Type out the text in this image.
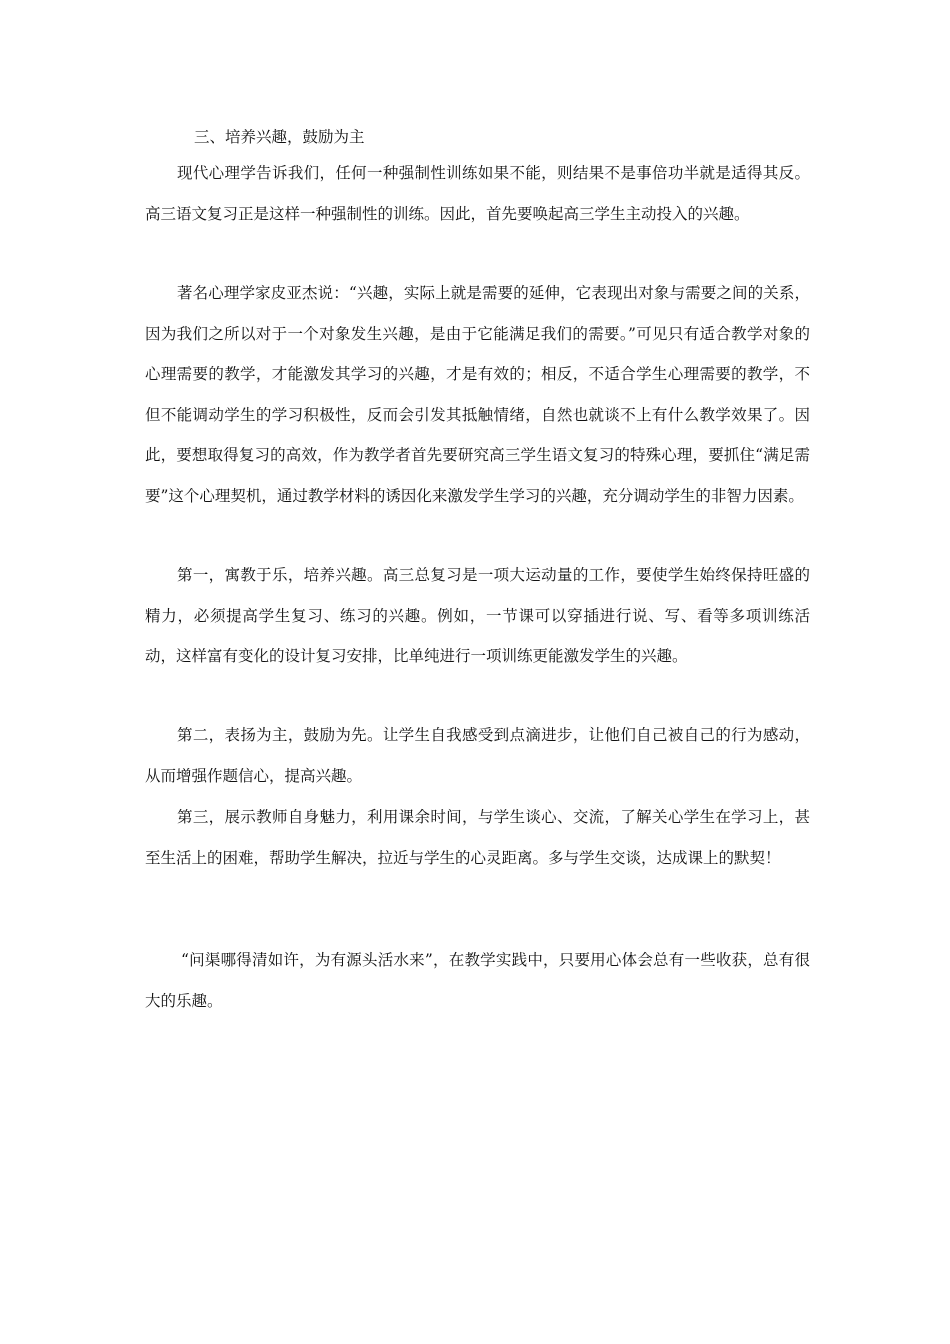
三、培养兴趣，鼓励为主

现代心理学告诉我们，任何一种强制性训练如果不能，则结果不是事倍功半就是适得其反。高三语文复习正是这样一种强制性的训练。因此，首先要唤起高三学生主动投入的兴趣。

著名心理学家皮亚杰说：“兴趣，实际上就是需要的延伸，它表现出对象与需要之间的关系，因为我们之所以对于一个对象发生兴趣，是由于它能满足我们的需要。”可见只有适合教学对象的心理需要的教学，才能激发其学习的兴趣，才是有效的；相反，不适合学生心理需要的教学，不但不能调动学生的学习积极性，反而会引发其抵触情绪，自然也就谈不上有什么教学效果了。因此，要想取得复习的高效，作为教学者首先要研究高三学生语文复习的特殊心理，要抓住“满足需要”这个心理契机，通过教学材料的诱因化来激发学生学习的兴趣，充分调动学生的非智力因素。

第一，寓教于乐，培养兴趣。高三总复习是一项大运动量的工作，要使学生始终保持旺盛的精力，必须提高学生复习、练习的兴趣。例如，一节课可以穿插进行说、写、看等多项训练活动，这样富有变化的设计复习安排，比单纯进行一项训练更能激发学生的兴趣。

第二，表扬为主，鼓励为先。让学生自我感受到点滴进步，让他们自己被自己的行为感动，从而增强作题信心，提高兴趣。

第三，展示教师自身魅力，利用课余时间，与学生谈心、交流，了解关心学生在学习上，甚至生活上的困难，帮助学生解决，拉近与学生的心灵距离。多与学生交谈，达成课上的默契！

“问渠哪得清如许，为有源头活水来”，在教学实践中，只要用心体会总有一些收获，总有很大的乐趣。
